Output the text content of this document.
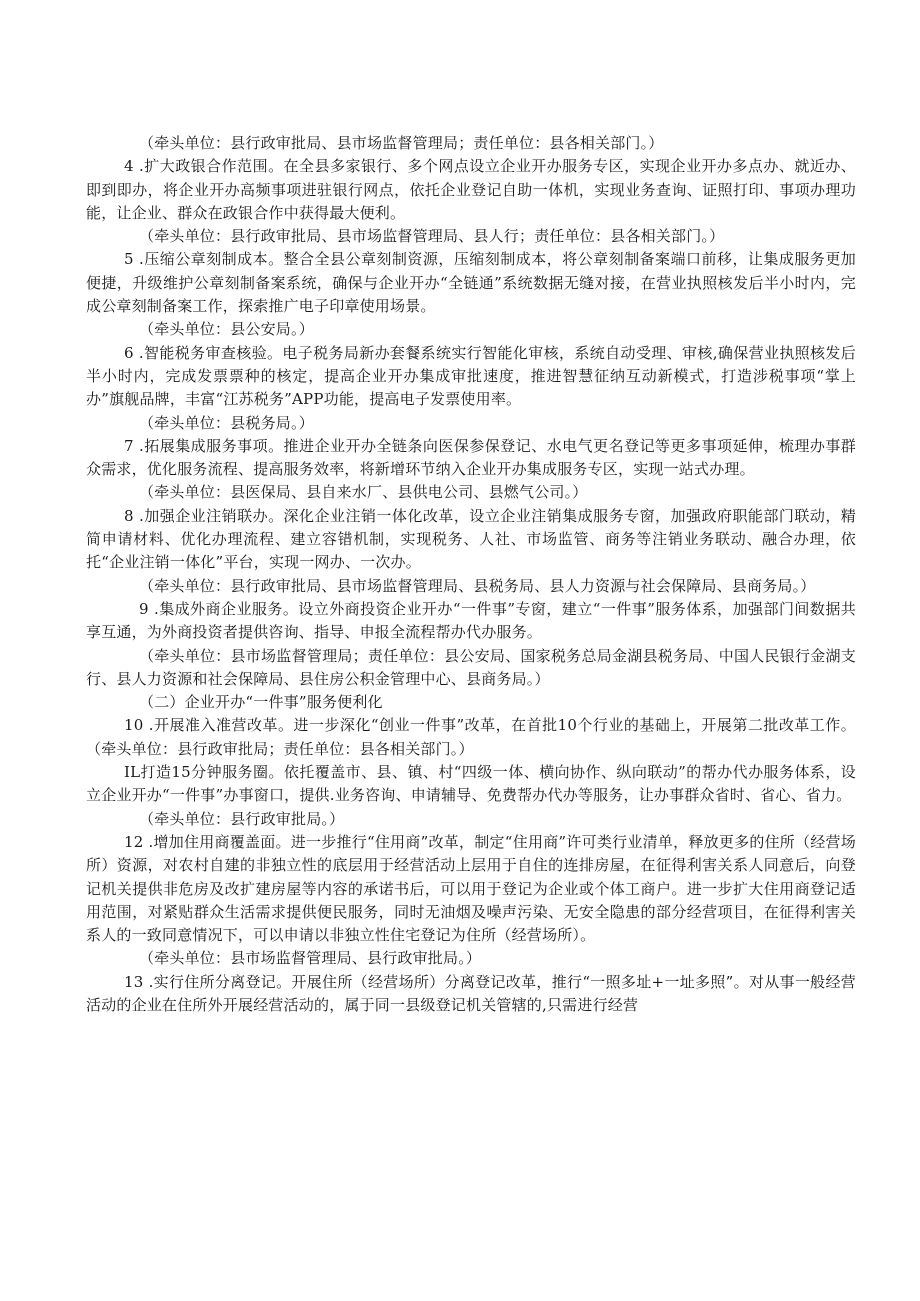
（牵头单位：县行政审批局、县市场监督管理局；责任单位：县各相关部门。）

4 .扩大政银合作范围。在全县多家银行、多个网点设立企业开办服务专区，实现企业开办多点办、就近办、即到即办，将企业开办高频事项进驻银行网点，依托企业登记自助一体机，实现业务查询、证照打印、事项办理功能，让企业、群众在政银合作中获得最大便利。

（牵头单位：县行政审批局、县市场监督管理局、县人行；责任单位：县各相关部门。）

5 .压缩公章刻制成本。整合全县公章刻制资源，压缩刻制成本，将公章刻制备案端口前移，让集成服务更加便捷，升级维护公章刻制备案系统，确保与企业开办“全链通”系统数据无缝对接，在营业执照核发后半小时内，完成公章刻制备案工作，探索推广电子印章使用场景。

（牵头单位：县公安局。）

6 .智能税务审查核验。电子税务局新办套餐系统实行智能化审核，系统自动受理、审核,确保营业执照核发后半小时内，完成发票票种的核定，提高企业开办集成审批速度，推进智慧征纳互动新模式，打造涉税事项“掌上办”旗舰品牌，丰富“江苏税务”APP功能，提高电子发票使用率。

（牵头单位：县税务局。）

7 .拓展集成服务事项。推进企业开办全链条向医保参保登记、水电气更名登记等更多事项延伸，梳理办事群众需求，优化服务流程、提高服务效率，将新增环节纳入企业开办集成服务专区，实现一站式办理。

（牵头单位：县医保局、县自来水厂、县供电公司、县燃气公司。）

8 .加强企业注销联办。深化企业注销一体化改革，设立企业注销集成服务专窗，加强政府职能部门联动，精简申请材料、优化办理流程、建立容错机制，实现税务、人社、市场监管、商务等注销业务联动、融合办理，依托“企业注销一体化”平台，实现一网办、一次办。

（牵头单位：县行政审批局、县市场监督管理局、县税务局、县人力资源与社会保障局、县商务局。）

9 .集成外商企业服务。设立外商投资企业开办“一件事”专窗，建立“一件事”服务体系，加强部门间数据共享互通，为外商投资者提供咨询、指导、申报全流程帮办代办服务。

（牵头单位：县市场监督管理局；责任单位：县公安局、国家税务总局金湖县税务局、中国人民银行金湖支行、县人力资源和社会保障局、县住房公积金管理中心、县商务局。）

（二）企业开办“一件事”服务便利化

10 .开展准入准营改革。进一步深化“创业一件事”改革，在首批10个行业的基础上，开展第二批改革工作。（牵头单位：县行政审批局；责任单位：县各相关部门。）

IL打造15分钟服务圈。依托覆盖市、县、镇、村“四级一体、横向协作、纵向联动”的帮办代办服务体系，设立企业开办“一件事”办事窗口，提供.业务咨询、申请辅导、免费帮办代办等服务，让办事群众省时、省心、省力。

（牵头单位：县行政审批局。）

12 .增加住用商覆盖面。进一步推行“住用商”改革，制定“住用商”许可类行业清单，释放更多的住所（经营场所）资源，对农村自建的非独立性的底层用于经营活动上层用于自住的连排房屋，在征得利害关系人同意后，向登记机关提供非危房及改扩建房屋等内容的承诺书后，可以用于登记为企业或个体工商户。进一步扩大住用商登记适用范围，对紧贴群众生活需求提供便民服务，同时无油烟及噪声污染、无安全隐患的部分经营项目，在征得利害关系人的一致同意情况下，可以申请以非独立性住宅登记为住所（经营场所）。

（牵头单位：县市场监督管理局、县行政审批局。）

13 .实行住所分离登记。开展住所（经营场所）分离登记改革，推行“一照多址+一址多照”。对从事一般经营活动的企业在住所外开展经营活动的，属于同一县级登记机关管辖的,只需进行经营
